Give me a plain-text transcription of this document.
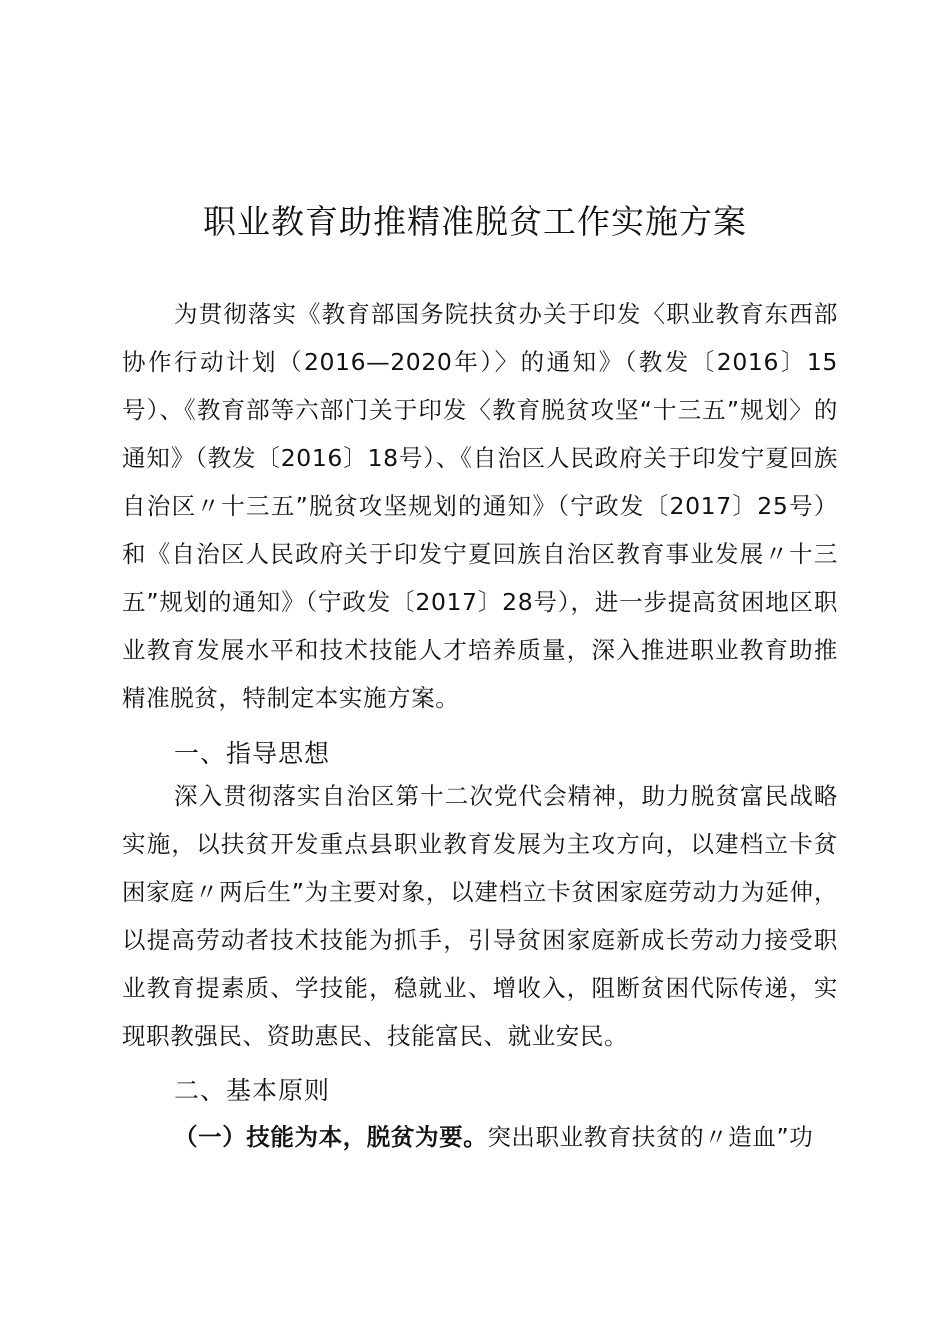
职业教育助推精准脱贫工作实施方案

为贯彻落实《教育部国务院扶贫办关于印发〈职业教育东西部协作行动计划（2016—2020年）〉的通知》（教发〔2016〕15号）、《教育部等六部门关于印发〈教育脱贫攻坚“十三五”规划〉的通知》（教发〔2016〕18号）、《自治区人民政府关于印发宁夏回族自治区〃十三五”脱贫攻坚规划的通知》（宁政发〔2017〕25号）和《自治区人民政府关于印发宁夏回族自治区教育事业发展〃十三五”规划的通知》（宁政发〔2017〕28号），进一步提高贫困地区职业教育发展水平和技术技能人才培养质量，深入推进职业教育助推精准脱贫，特制定本实施方案。

一、指导思想

深入贯彻落实自治区第十二次党代会精神，助力脱贫富民战略实施，以扶贫开发重点县职业教育发展为主攻方向，以建档立卡贫困家庭〃两后生”为主要对象，以建档立卡贫困家庭劳动力为延伸，以提高劳动者技术技能为抓手，引导贫困家庭新成长劳动力接受职业教育提素质、学技能，稳就业、增收入，阻断贫困代际传递，实现职教强民、资助惠民、技能富民、就业安民。

二、基本原则

（一）技能为本，脱贫为要。突出职业教育扶贫的〃造血”功
